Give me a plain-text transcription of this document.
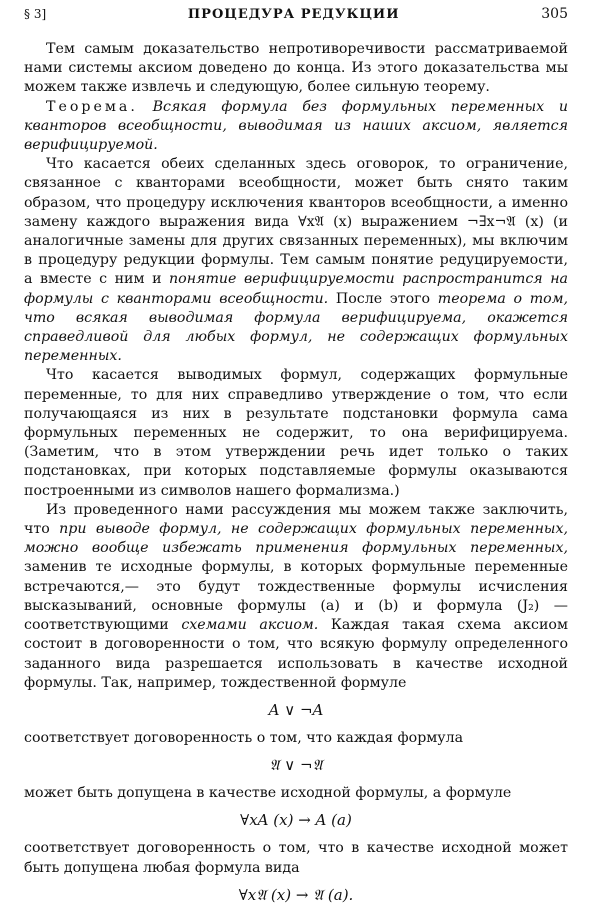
§ 3]	ПРОЦЕДУРА РЕДУКЦИИ	305

Тем самым доказательство непротиворечивости рассматриваемой нами системы аксиом доведено до конца. Из этого доказательства мы можем также извлечь и следующую, более сильную теорему.

Теорема. Всякая формула без формульных переменных и кванторов всеобщности, выводимая из наших аксиом, является верифицируемой.

Что касается обеих сделанных здесь оговорок, то ограничение, связанное с кванторами всеобщности, может быть снято таким образом, что процедуру исключения кванторов всеобщности, а именно замену каждого выражения вида ∀x𝔄 (x) выражением ¬∃x¬𝔄 (x) (и аналогичные замены для других связанных переменных), мы включим в процедуру редукции формулы. Тем самым понятие редуцируемости, а вместе с ним и понятие верифицируемости распространится на формулы с кванторами всеобщности. После этого теорема о том, что всякая выводимая формула верифицируема, окажется справедливой для любых формул, не содержащих формульных переменных.

Что касается выводимых формул, содержащих формульные переменные, то для них справедливо утверждение о том, что если получающаяся из них в результате подстановки формула сама формульных переменных не содержит, то она верифицируема. (Заметим, что в этом утверждении речь идет только о таких подстановках, при которых подставляемые формулы оказываются построенными из символов нашего формализма.)

Из проведенного нами рассуждения мы можем также заключить, что при выводе формул, не содержащих формульных переменных, можно вообще избежать применения формульных переменных, заменив те исходные формулы, в которых формульные переменные встречаются,— это будут тождественные формулы исчисления высказываний, основные формулы (a) и (b) и формула (J₂) — соответствующими схемами аксиом. Каждая такая схема аксиом состоит в договоренности о том, что всякую формулу определенного заданного вида разрешается использовать в качестве исходной формулы. Так, например, тождественной формуле

A ∨ ¬A

соответствует договоренность о том, что каждая формула

𝔄 ∨ ¬𝔄

может быть допущена в качестве исходной формулы, а формуле

∀xA (x) → A (a)

соответствует договоренность о том, что в качестве исходной может быть допущена любая формула вида

∀x𝔄 (x) → 𝔄 (a).
